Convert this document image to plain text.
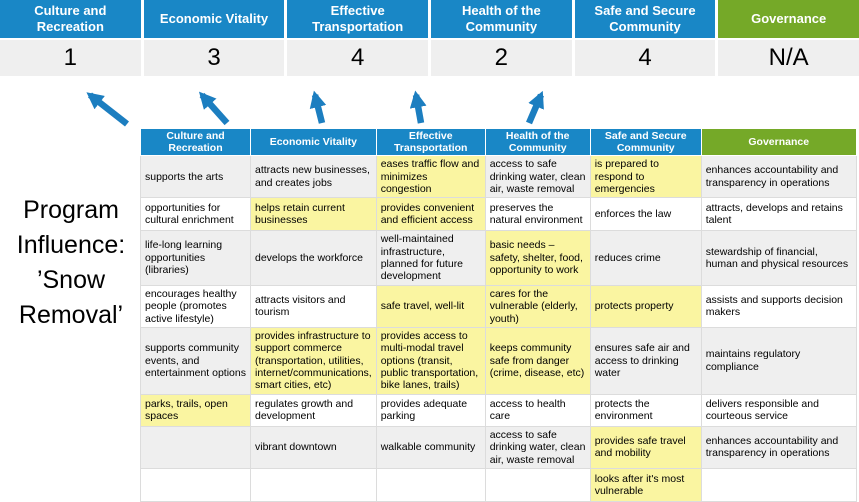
Culture and Recreation
Economic Vitality
Effective Transportation
Health of the Community
Safe and Secure Community
Governance
1	3	4	2	4	N/A
Program Influence: ’Snow Removal’
Culture and Recreation	Economic Vitality	Effective Transportation	Health of the Community	Safe and Secure Community	Governance
supports the arts	attracts new businesses, and creates jobs	eases traffic flow and minimizes congestion	access to safe drinking water, clean air, waste removal	is prepared to respond to emergencies	enhances accountability and transparency in operations
opportunities for cultural enrichment	helps retain current businesses	provides convenient and efficient access	preserves the natural environment	enforces the law	attracts, develops and retains talent
life-long learning opportunities (libraries)	develops the workforce	well-maintained infrastructure, planned for future development	basic needs – safety, shelter, food, opportunity to work	reduces crime	stewardship of financial, human and physical resources
encourages healthy people (promotes active lifestyle)	attracts visitors and tourism	safe travel, well-lit	cares for the vulnerable (elderly, youth)	protects property	assists and supports decision makers
supports community events, and entertainment options	provides infrastructure to support commerce (transportation, utilities, internet/communications, smart cities, etc)	provides access to multi-modal travel options (transit, public transportation, bike lanes, trails)	keeps community safe from danger (crime, disease, etc)	ensures safe air and access to drinking water	maintains regulatory compliance
parks, trails, open spaces	regulates growth and development	provides adequate parking	access to health care	protects the environment	delivers responsible and courteous service
	vibrant downtown	walkable community	access to safe drinking water, clean air, waste removal	provides safe travel and mobility	enhances accountability and transparency in operations
				looks after it's most vulnerable	
